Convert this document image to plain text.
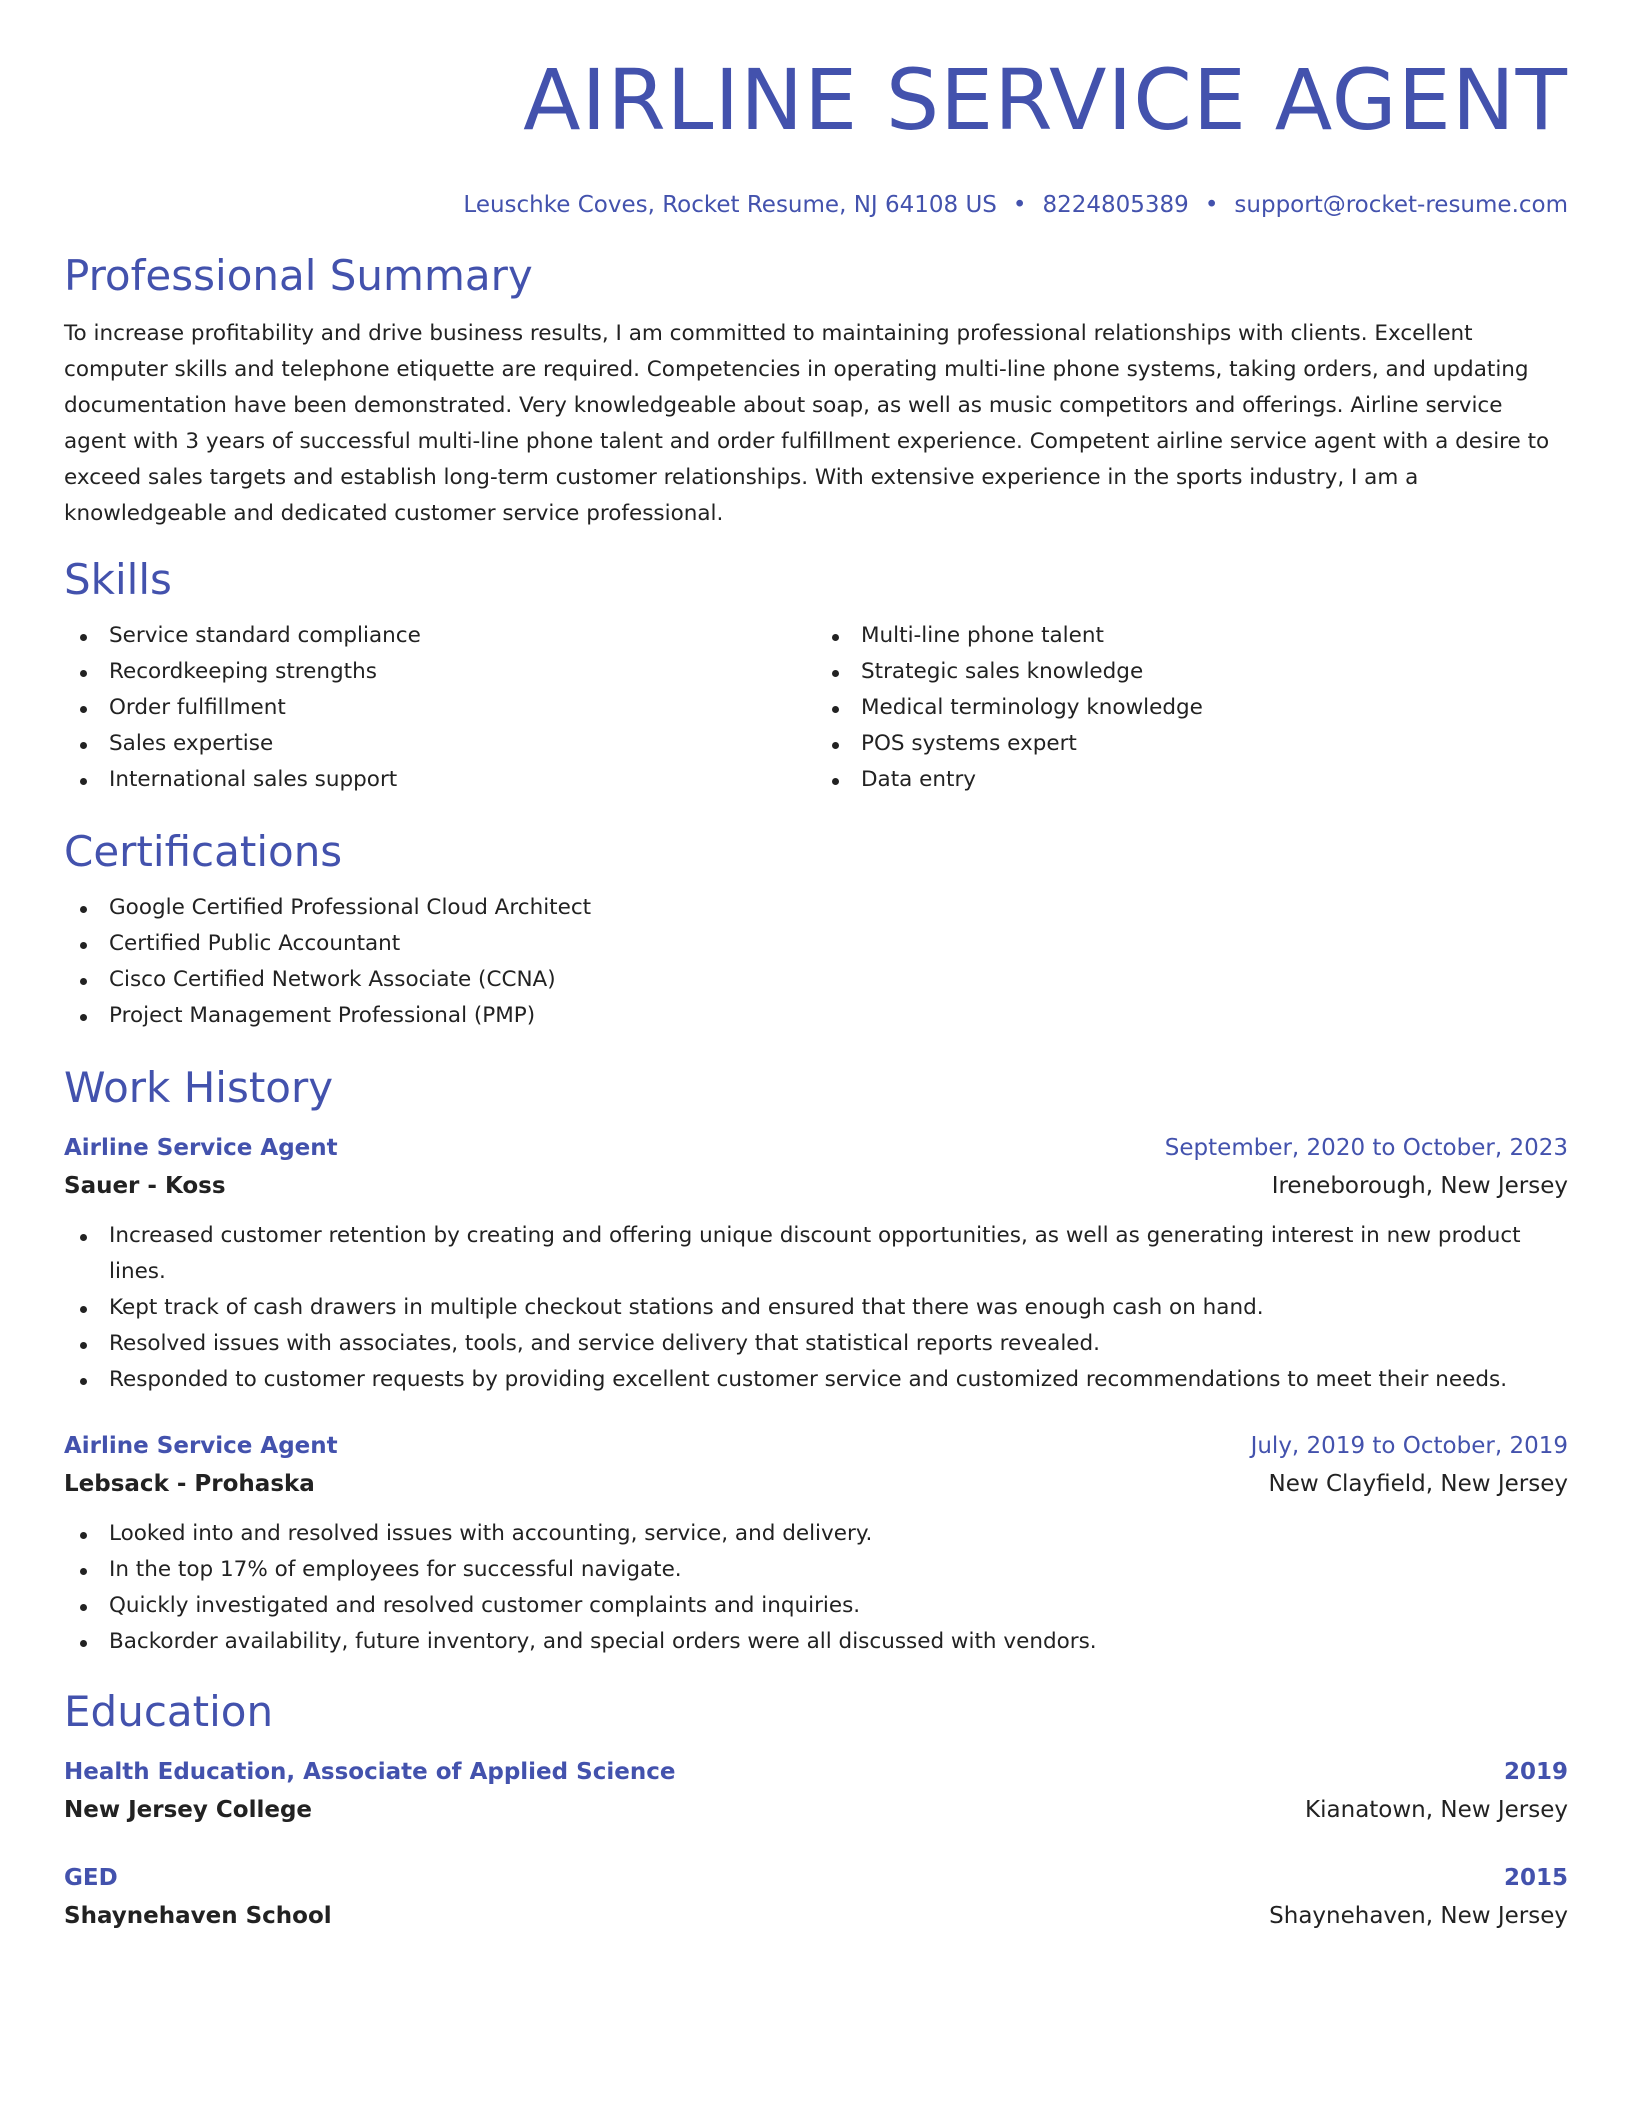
AIRLINE SERVICE AGENT
Leuschke Coves, Rocket Resume, NJ 64108 US • 8224805389 • support@rocket-resume.com
Professional Summary

To increase profitability and drive business results, I am committed to maintaining professional relationships with clients. Excellent computer skills and telephone etiquette are required. Competencies in operating multi-line phone systems, taking orders, and updating documentation have been demonstrated. Very knowledgeable about soap, as well as music competitors and offerings. Airline service agent with 3 years of successful multi-line phone talent and order fulfillment experience. Competent airline service agent with a desire to exceed sales targets and establish long-term customer relationships. With extensive experience in the sports industry, I am a knowledgeable and dedicated customer service professional.

Skills
Service standard compliance
Recordkeeping strengths
Order fulfillment
Sales expertise
International sales support
Multi-line phone talent
Strategic sales knowledge
Medical terminology knowledge
POS systems expert
Data entry
Certifications
Google Certified Professional Cloud Architect
Certified Public Accountant
Cisco Certified Network Associate (CCNA)
Project Management Professional (PMP)
Work History
Airline Service Agent	September, 2020 to October, 2023
Sauer - Koss	Ireneborough, New Jersey
Increased customer retention by creating and offering unique discount opportunities, as well as generating interest in new product lines.
Kept track of cash drawers in multiple checkout stations and ensured that there was enough cash on hand.
Resolved issues with associates, tools, and service delivery that statistical reports revealed.
Responded to customer requests by providing excellent customer service and customized recommendations to meet their needs.
Airline Service Agent	July, 2019 to October, 2019
Lebsack - Prohaska	New Clayfield, New Jersey
Looked into and resolved issues with accounting, service, and delivery.
In the top 17% of employees for successful navigate.
Quickly investigated and resolved customer complaints and inquiries.
Backorder availability, future inventory, and special orders were all discussed with vendors.
Education
Health Education, Associate of Applied Science	2019
New Jersey College	Kianatown, New Jersey
GED	2015
Shaynehaven School	Shaynehaven, New Jersey
